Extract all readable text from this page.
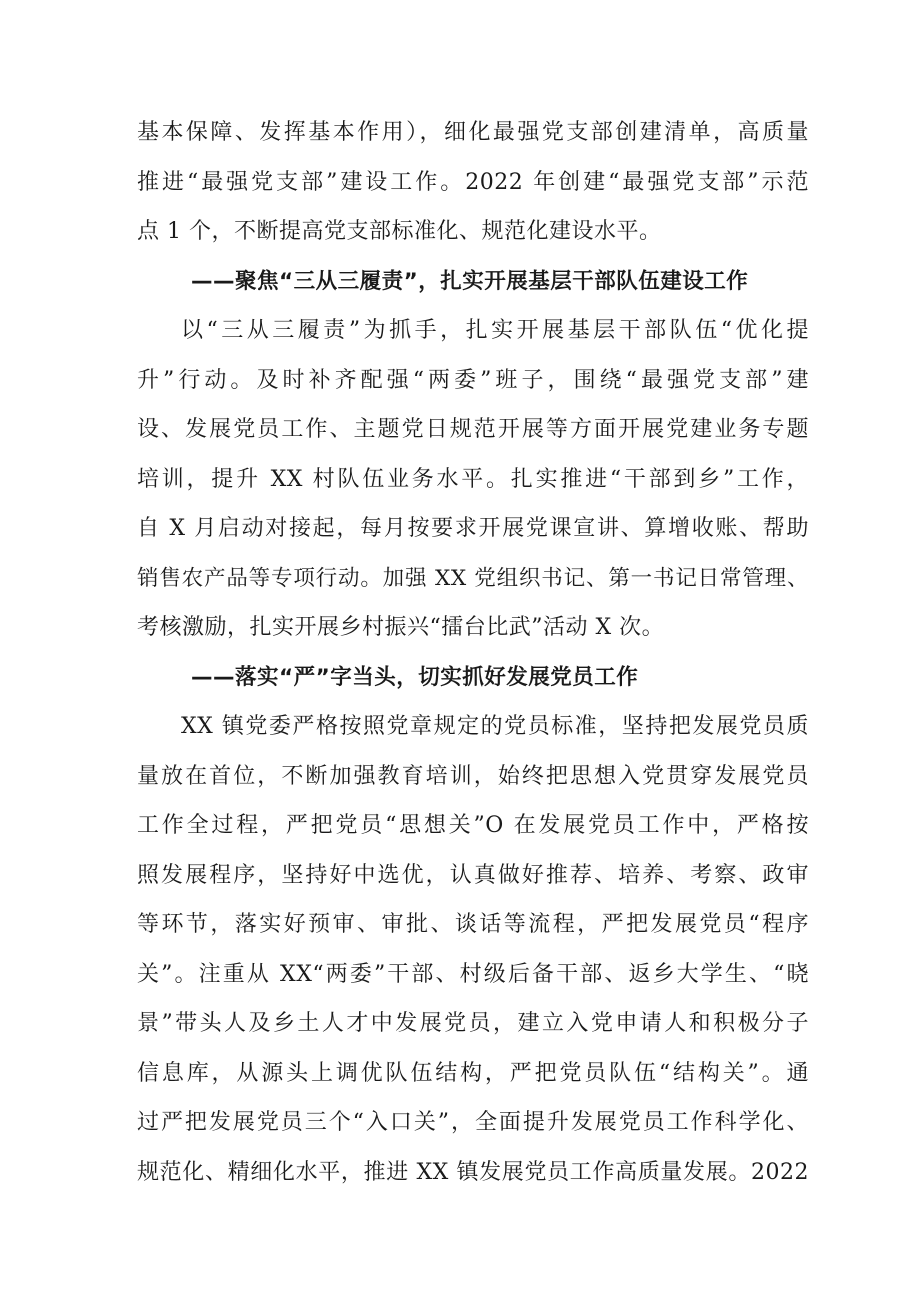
基本保障、发挥基本作用），细化最强党支部创建清单，高质量
推进“最强党支部”建设工作。2022 年创建“最强党支部”示范
点 1 个，不断提高党支部标准化、规范化建设水平。
——聚焦“三从三履责”，扎实开展基层干部队伍建设工作
以“三从三履责”为抓手，扎实开展基层干部队伍“优化提
升”行动。及时补齐配强“两委”班子，围绕“最强党支部”建
设、发展党员工作、主题党日规范开展等方面开展党建业务专题
培训，提升 XX 村队伍业务水平。扎实推进“干部到乡”工作，
自 X 月启动对接起，每月按要求开展党课宣讲、算增收账、帮助
销售农产品等专项行动。加强 XX 党组织书记、第一书记日常管理、
考核激励，扎实开展乡村振兴“擂台比武”活动 X 次。
——落实“严”字当头，切实抓好发展党员工作
XX 镇党委严格按照党章规定的党员标准，坚持把发展党员质
量放在首位，不断加强教育培训，始终把思想入党贯穿发展党员
工作全过程，严把党员“思想关”O 在发展党员工作中，严格按
照发展程序，坚持好中选优，认真做好推荐、培养、考察、政审
等环节，落实好预审、审批、谈话等流程，严把发展党员“程序
关”。注重从 XX“两委”干部、村级后备干部、返乡大学生、“晓
景”带头人及乡土人才中发展党员，建立入党申请人和积极分子
信息库，从源头上调优队伍结构，严把党员队伍“结构关”。通
过严把发展党员三个“入口关”，全面提升发展党员工作科学化、
规范化、精细化水平，推进 XX 镇发展党员工作高质量发展。2022
